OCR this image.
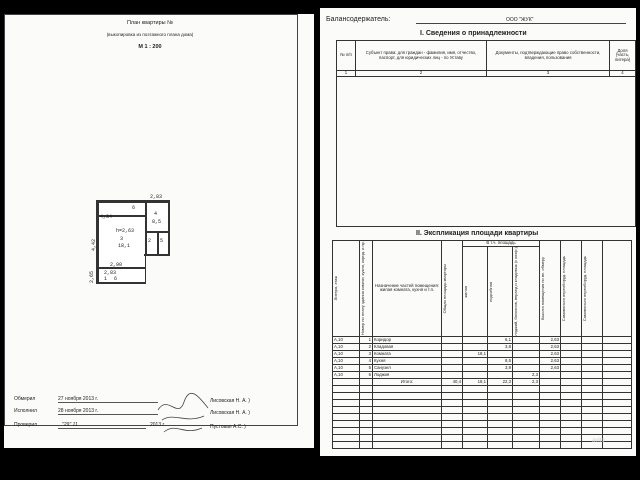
План квартиры №
(выкопировка из поэтажного плана дома)
М 1 : 200
6
4
8,5
4,34
h=2,63
3
18,1
4,42
2,83
2,90
2,83
6
1
2 5
2,65
Обмерил	27 ноября 2013 г.	Лисовская Н. А. )
Исполнил	28 ноября 2013 г.	Лисовская Н. А. )
Проверил	"29" 11	2013 г.	Пустовая А.С. )
Балансодержатель:	ООО "ЖУК"
I. Сведения о принадлежности
№ п/п	Субъект права: для граждан - фамилия, имя, отчество, паспорт, для юридических лиц - по Уставу	Документы, подтверждающие право собственности, владения, пользования	Доля (часть, литера)
1	2	3	4

II. Экспликация площади квартиры
Литера, этаж	Номер по плану здания комнат, кухни, корид. и пр.	Назначение частей помещения: жилая комната, кухня и т.п.	Общая площадь квартиры	В т.ч. площадь			Высота помещения по вн. обмеру	Самовольно переоборуд. площадь	Самовольно переоборуд. площадь	

				жилая	подсобная	лоджий, балконов, веранд и кладовых (с коэф.)				

А,10	1	Коридор			6,1		2,63			
А,10	2	Кладовая			3,8		2,63			
А,10	3	Комната		18,1			2,63			
А,10	4	Кухня			8,5		2,63			
А,10	5	Санузел			3,9		2,63			
А,10	6	Лоджия				2,3				
		Итого:	40,4	18,1	22,3	2,3				

avito
